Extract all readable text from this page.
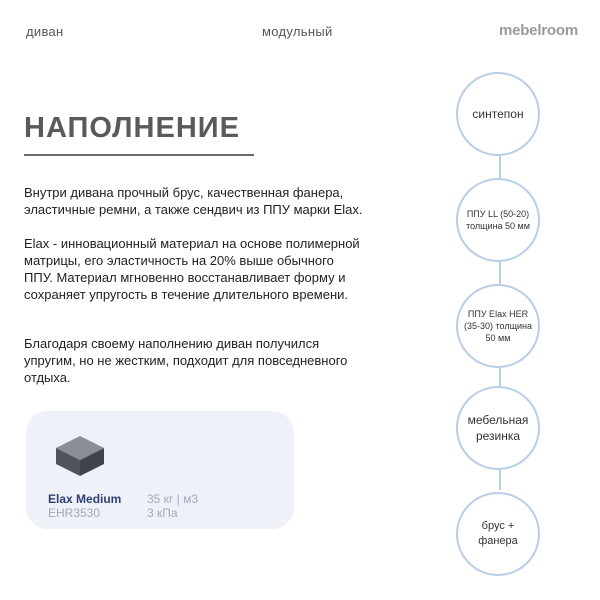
диван	модульный	mebelroom
НАПОЛНЕНИЕ
Внутри дивана прочный брус, качественная фанера, эластичные ремни, а также сендвич из ППУ марки Elax.
Elax - инновационный материал на основе полимерной матрицы, его эластичность на 20% выше обычного ППУ. Материал мгновенно восстанавливает форму и сохраняет упругость в течение длительного времени.
Благодаря своему наполнению диван получился упругим, но не жестким, подходит для повседневного отдыха.
Elax Medium
EHR3530
35 кг | м3
3 кПа
синтепон
ППУ LL (50-20) толщина 50 мм
ППУ Elax HER (35-30) толщина 50 мм
мебельная резинка
брус + фанера
